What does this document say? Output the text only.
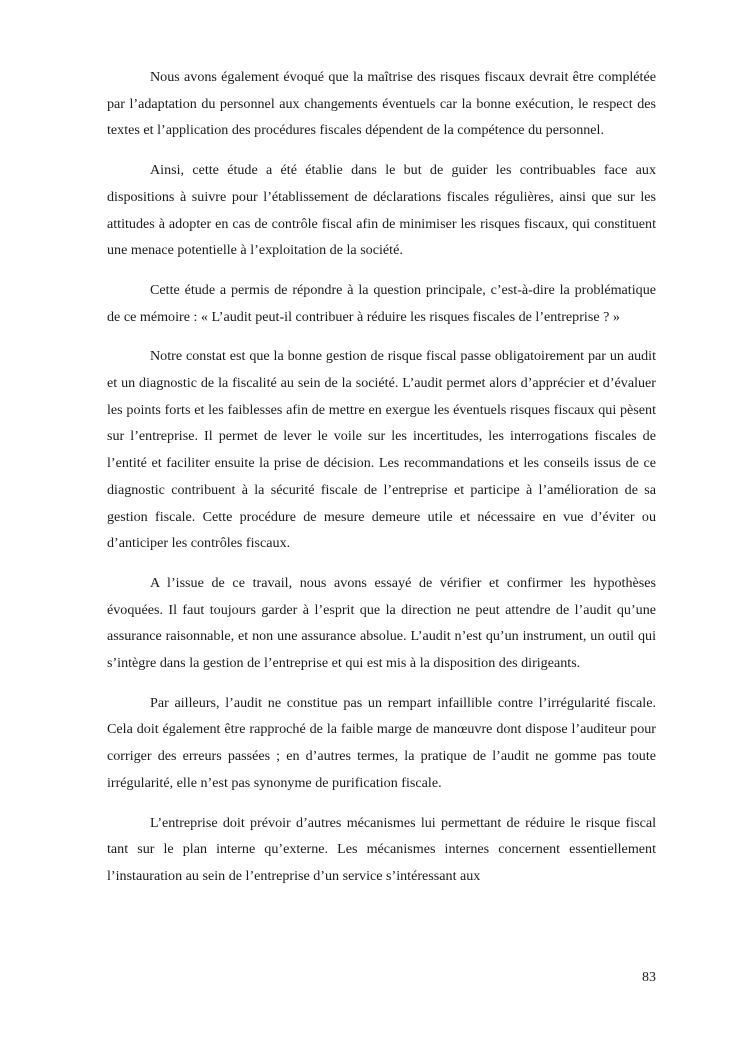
Nous avons également évoqué que la maîtrise des risques fiscaux devrait être complétée par l’adaptation du personnel aux changements éventuels car la bonne exécution, le respect des textes et l’application des procédures fiscales dépendent de la compétence du personnel.

Ainsi, cette étude a été établie dans le but de guider les contribuables face aux dispositions à suivre pour l’établissement de déclarations fiscales régulières, ainsi que sur les attitudes à adopter en cas de contrôle fiscal afin de minimiser les risques fiscaux, qui constituent une menace potentielle à l’exploitation de la société.

Cette étude a permis de répondre à la question principale, c’est-à-dire la problématique de ce mémoire : « L’audit peut-il contribuer à réduire les risques fiscales de l’entreprise ? »

Notre constat est que la bonne gestion de risque fiscal passe obligatoirement par un audit et un diagnostic de la fiscalité au sein de la société. L’audit permet alors d’apprécier et d’évaluer les points forts et les faiblesses afin de mettre en exergue les éventuels risques fiscaux qui pèsent sur l’entreprise. Il permet de lever le voile sur les incertitudes, les interrogations fiscales de l’entité et faciliter ensuite la prise de décision. Les recommandations et les conseils issus de ce diagnostic contribuent à la sécurité fiscale de l’entreprise et participe à l’amélioration de sa gestion fiscale. Cette procédure de mesure demeure utile et nécessaire en vue d’éviter ou d’anticiper les contrôles fiscaux.

A l’issue de ce travail, nous avons essayé de vérifier et confirmer les hypothèses évoquées. Il faut toujours garder à l’esprit que la direction ne peut attendre de l’audit qu’une assurance raisonnable, et non une assurance absolue. L’audit n’est qu’un instrument, un outil qui s’intègre dans la gestion de l’entreprise et qui est mis à la disposition des dirigeants.

Par ailleurs, l’audit ne constitue pas un rempart infaillible contre l’irrégularité fiscale. Cela doit également être rapproché de la faible marge de manœuvre dont dispose l’auditeur pour corriger des erreurs passées ; en d’autres termes, la pratique de l’audit ne gomme pas toute irrégularité, elle n’est pas synonyme de purification fiscale.

L’entreprise doit prévoir d’autres mécanismes lui permettant de réduire le risque fiscal tant sur le plan interne qu’externe. Les mécanismes internes concernent essentiellement l’instauration au sein de l’entreprise d’un service s’intéressant aux

83
